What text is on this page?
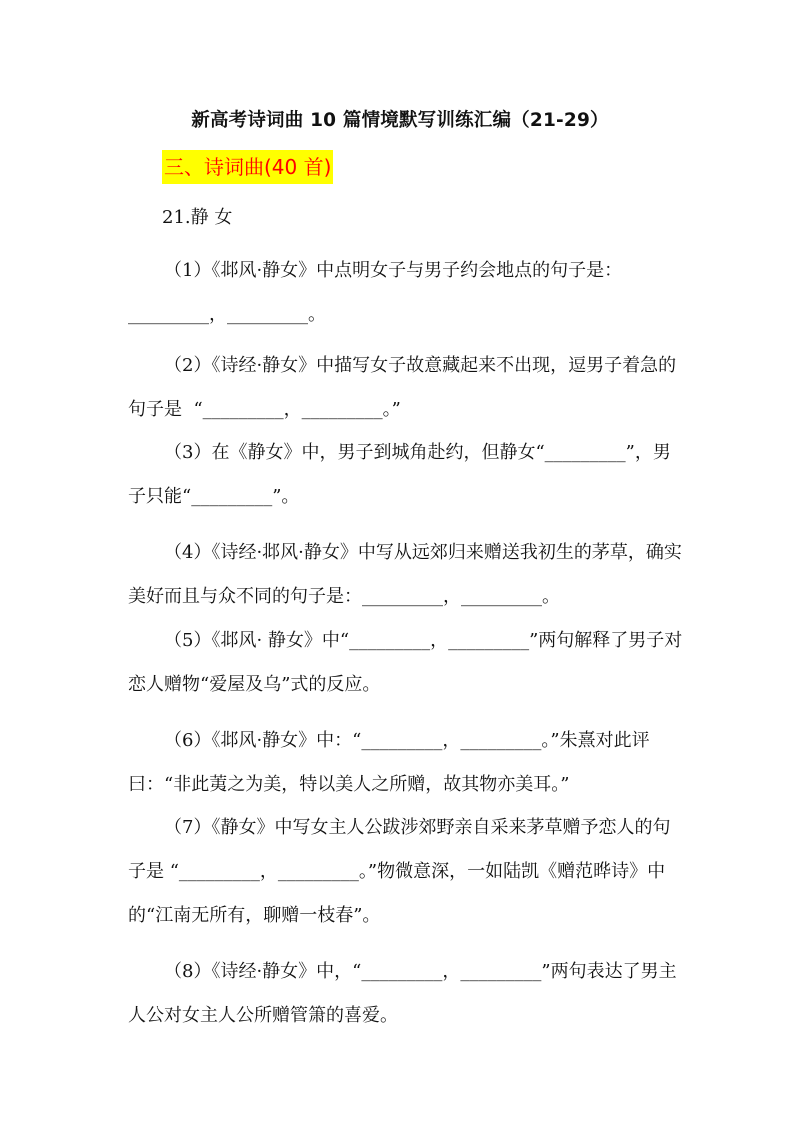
新高考诗词曲 10 篇情境默写训练汇编（21-29）
三、诗词曲(40 首)
21.静 女
（1）《邶风·静女》中点明女子与男子约会地点的句子是：_________，_________。
（2）《诗经·静女》中描写女子故意藏起来不出现，逗男子着急的句子是  “_________，_________。”
（3）在《静女》中，男子到城角赴约，但静女“_________”，男子只能“_________”。
（4）《诗经·邶风·静女》中写从远郊归来赠送我初生的茅草，确实美好而且与众不同的句子是：_________，_________。
（5）《邶风· 静女》中“_________，_________”两句解释了男子对恋人赠物“爱屋及乌”式的反应。
（6）《邶风·静女》中：“_________，_________。”朱熹对此评曰：“非此荑之为美，特以美人之所赠，故其物亦美耳。”
（7）《静女》中写女主人公跋涉郊野亲自采来茅草赠予恋人的句子是 “_________，_________。”物微意深，一如陆凯《赠范晔诗》中的“江南无所有，聊赠一枝春”。
（8）《诗经·静女》中，“_________，_________”两句表达了男主人公对女主人公所赠管箫的喜爱。
